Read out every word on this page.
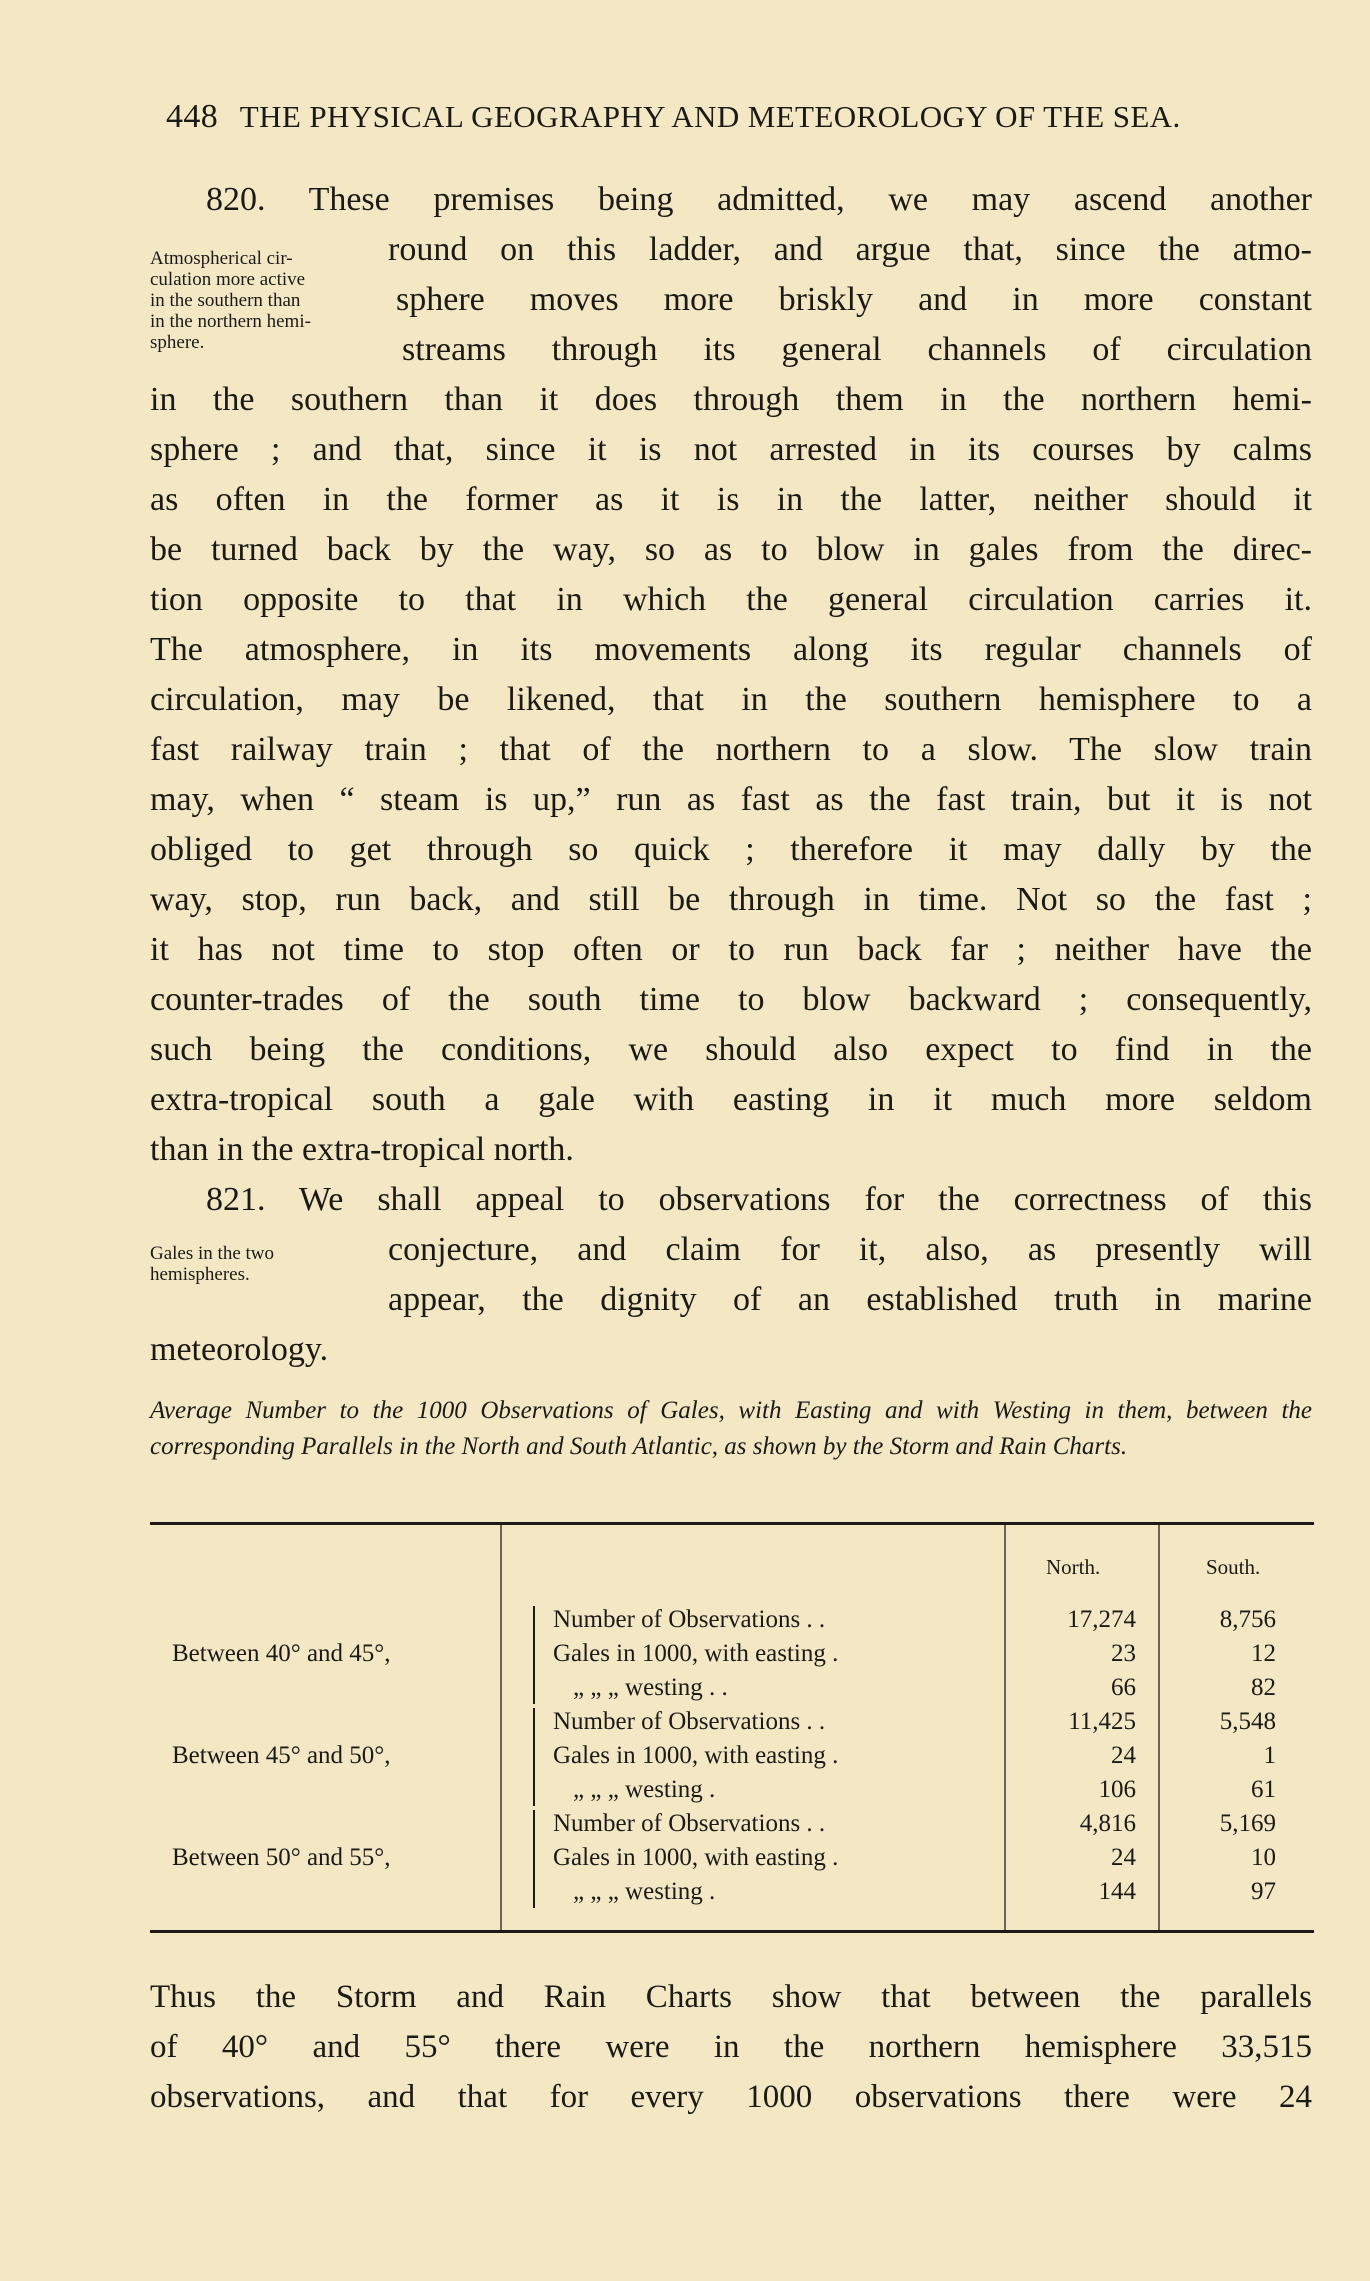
448 THE PHYSICAL GEOGRAPHY AND METEOROLOGY OF THE SEA.
820. These premises being admitted, we may ascend another
round on this ladder, and argue that, since the atmo-
sphere moves more briskly and in more constant
streams through its general channels of circulation
in the southern than it does through them in the northern hemi-
sphere ; and that, since it is not arrested in its courses by calms
as often in the former as it is in the latter, neither should it
be turned back by the way, so as to blow in gales from the direc-
tion opposite to that in which the general circulation carries it.
The atmosphere, in its movements along its regular channels of
circulation, may be likened, that in the southern hemisphere to a
fast railway train ; that of the northern to a slow. The slow train
may, when “ steam is up,” run as fast as the fast train, but it is not
obliged to get through so quick ; therefore it may dally by the
way, stop, run back, and still be through in time. Not so the fast ;
it has not time to stop often or to run back far ; neither have the
counter-trades of the south time to blow backward ; consequently,
such being the conditions, we should also expect to find in the
extra-tropical south a gale with easting in it much more seldom
than in the extra-tropical north.
Atmospherical cir-
culation more active
in the southern than
in the northern hemi-
sphere.
821. We shall appeal to observations for the correctness of this
conjecture, and claim for it, also, as presently will
appear, the dignity of an established truth in marine
meteorology.
Gales in the two
hemispheres.
Average Number to the 1000 Observations of Gales, with Easting and with Westing in them, between the corresponding Parallels in the North and South Atlantic, as shown by the Storm and Rain Charts.
North.	South.
Between 40° and 45°,
Number of Observations . .	17,274	8,756
Gales in 1000, with easting .	23	12
„ „ „ westing . .	66	82
Between 45° and 50°,
Number of Observations . .	11,425	5,548
Gales in 1000, with easting .	24	1
„ „ „ westing .	106	61
Between 50° and 55°,
Number of Observations . .	4,816	5,169
Gales in 1000, with easting .	24	10
„ „ „ westing .	144	97
Thus the Storm and Rain Charts show that between the parallels
of 40° and 55° there were in the northern hemisphere 33,515
observations, and that for every 1000 observations there were 24
